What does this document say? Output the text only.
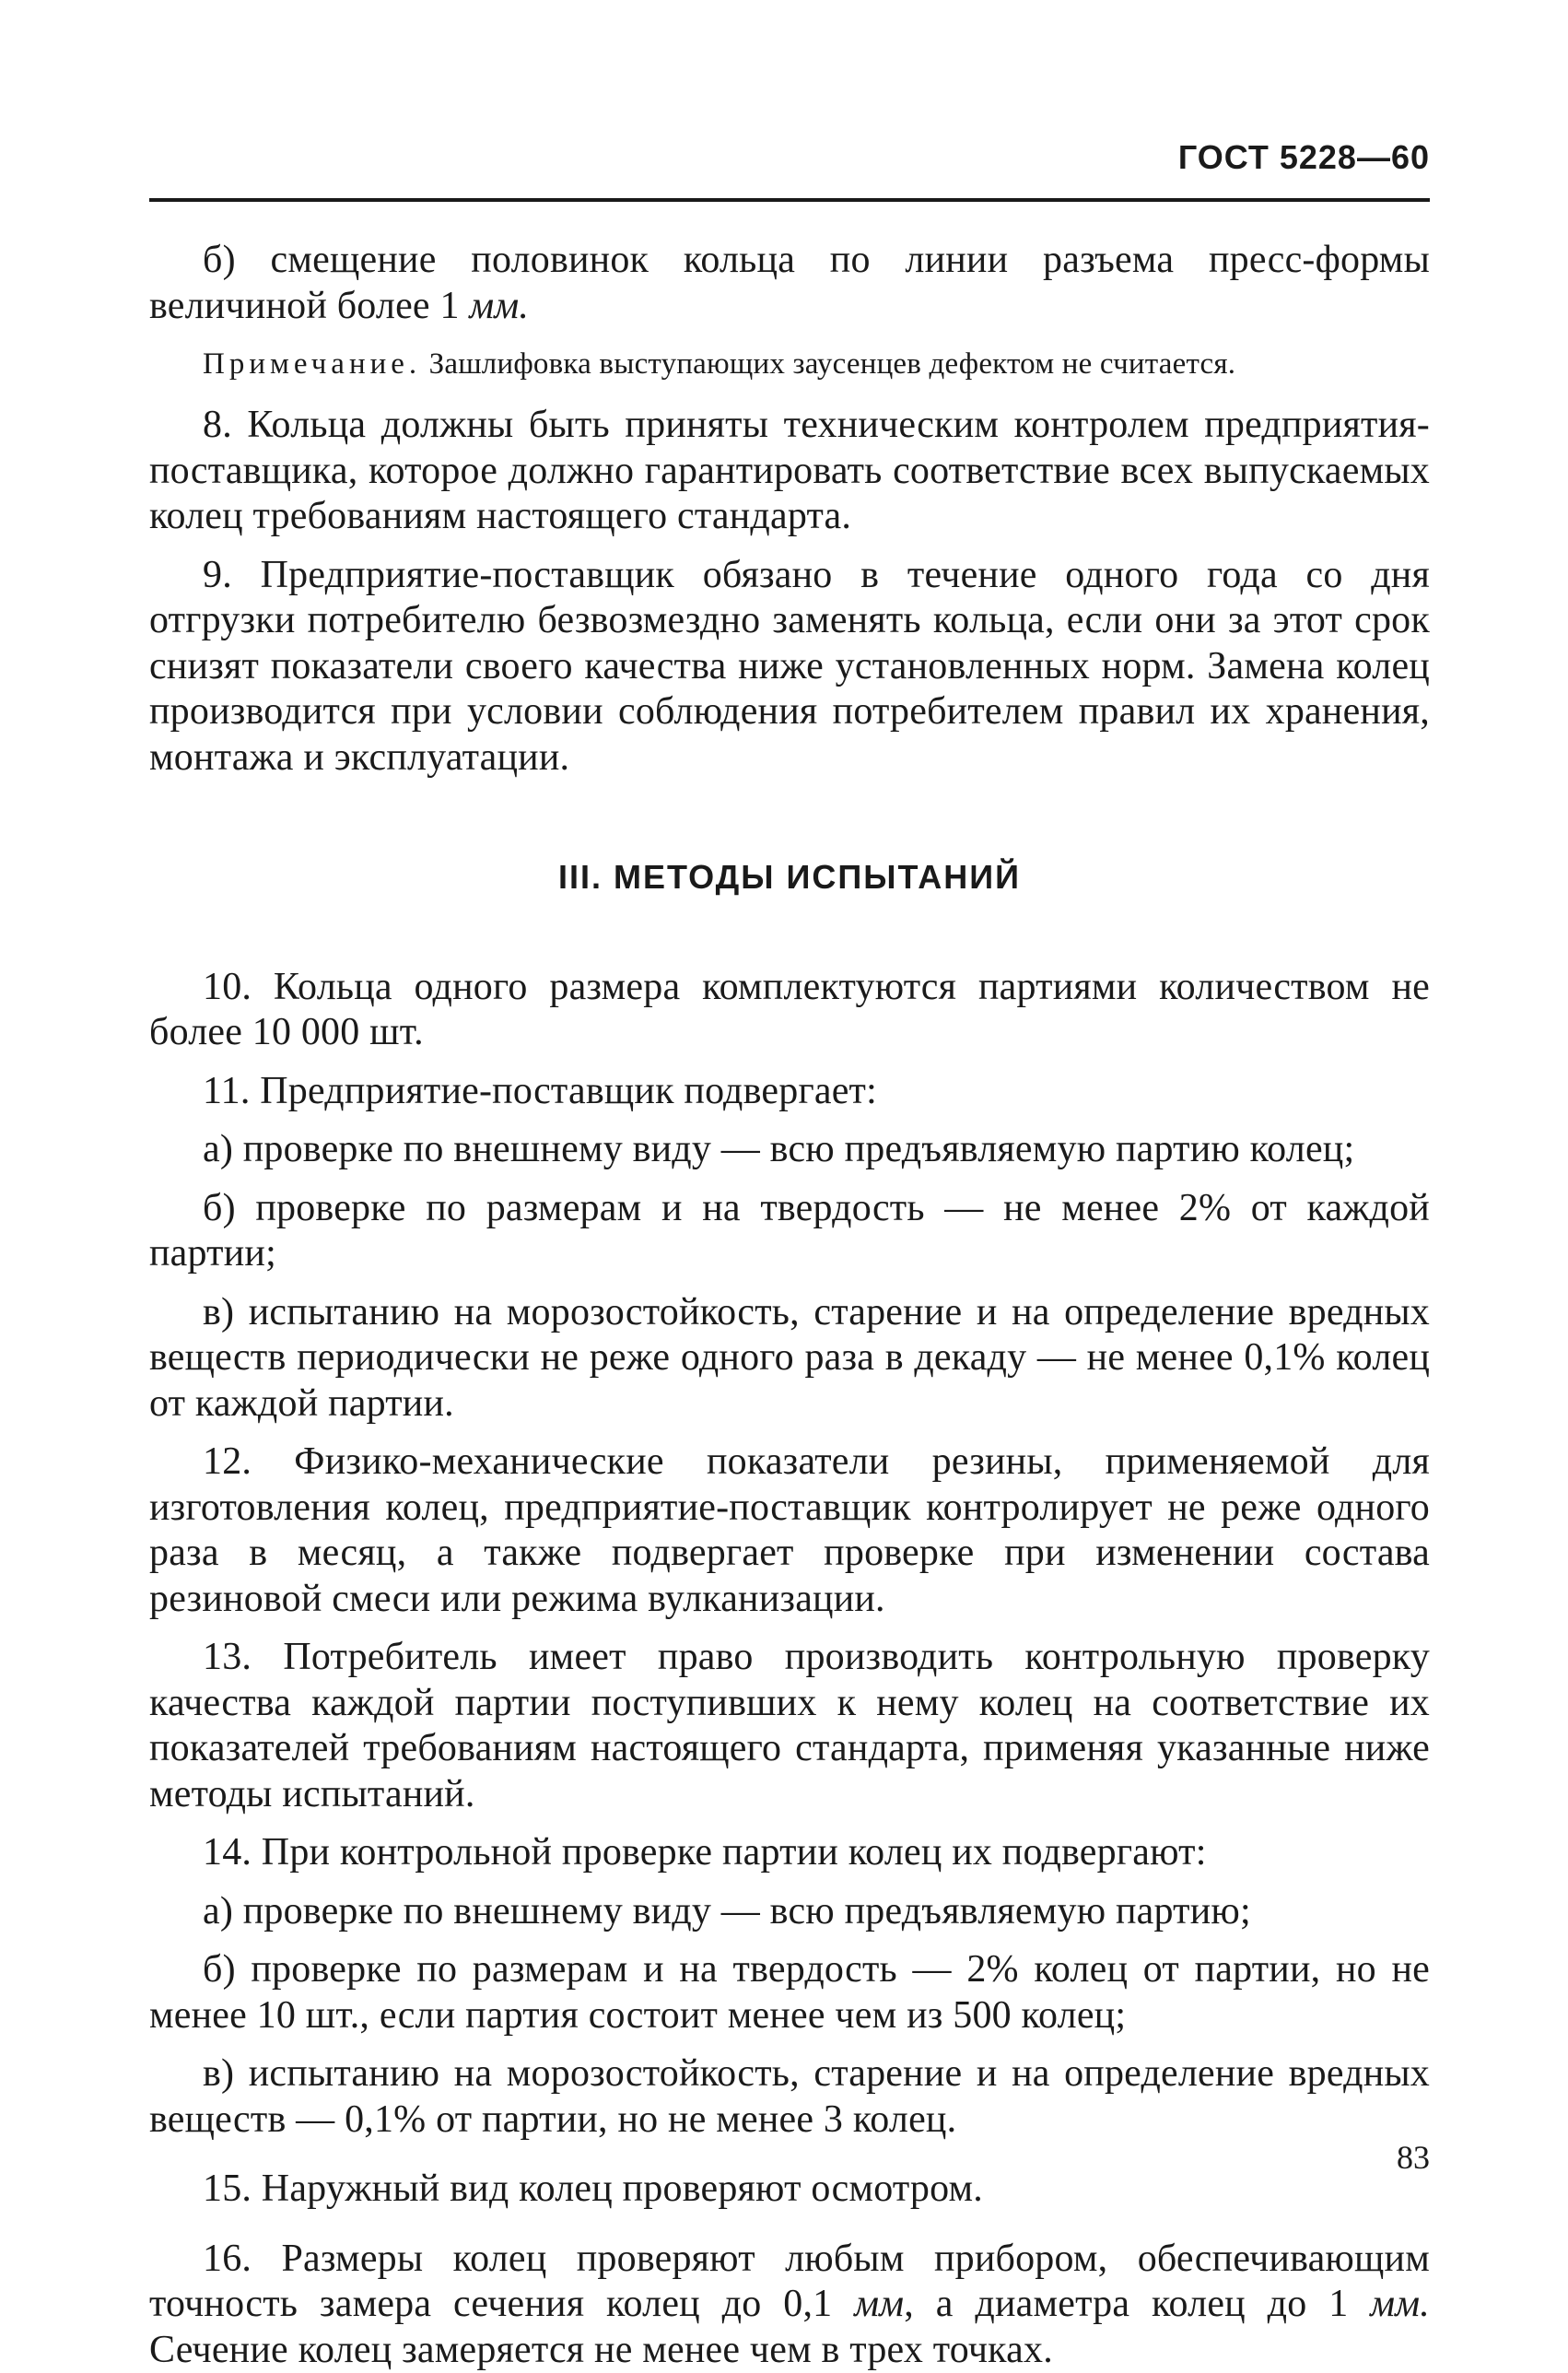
ГОСТ 5228—60

б) смещение половинок кольца по линии разъема пресс-формы величиной более 1 мм.

Примечание. Зашлифовка выступающих заусенцев дефектом не считается.

8. Кольца должны быть приняты техническим контролем предприятия-поставщика, которое должно гарантировать соответствие всех выпускаемых колец требованиям настоящего стандарта.

9. Предприятие-поставщик обязано в течение одного года со дня отгрузки потребителю безвозмездно заменять кольца, если они за этот срок снизят показатели своего качества ниже установленных норм. Замена колец производится при условии соблюдения потребителем правил их хранения, монтажа и эксплуатации.

III. МЕТОДЫ ИСПЫТАНИЙ

10. Кольца одного размера комплектуются партиями количеством не более 10 000 шт.

11. Предприятие-поставщик подвергает:

а) проверке по внешнему виду — всю предъявляемую партию колец;

б) проверке по размерам и на твердость — не менее 2% от каждой партии;

в) испытанию на морозостойкость, старение и на определение вредных веществ периодически не реже одного раза в декаду — не менее 0,1% колец от каждой партии.

12. Физико-механические показатели резины, применяемой для изготовления колец, предприятие-поставщик контролирует не реже одного раза в месяц, а также подвергает проверке при изменении состава резиновой смеси или режима вулканизации.

13. Потребитель имеет право производить контрольную проверку качества каждой партии поступивших к нему колец на соответствие их показателей требованиям настоящего стандарта, применяя указанные ниже методы испытаний.

14. При контрольной проверке партии колец их подвергают:

а) проверке по внешнему виду — всю предъявляемую партию;

б) проверке по размерам и на твердость — 2% колец от партии, но не менее 10 шт., если партия состоит менее чем из 500 колец;

в) испытанию на морозостойкость, старение и на определение вредных веществ — 0,1% от партии, но не менее 3 колец.

15. Наружный вид колец проверяют осмотром.

16. Размеры колец проверяют любым прибором, обеспечивающим точность замера сечения колец до 0,1 мм, а диаметра колец до 1 мм. Сечение колец замеряется не менее чем в трех точках.

83
